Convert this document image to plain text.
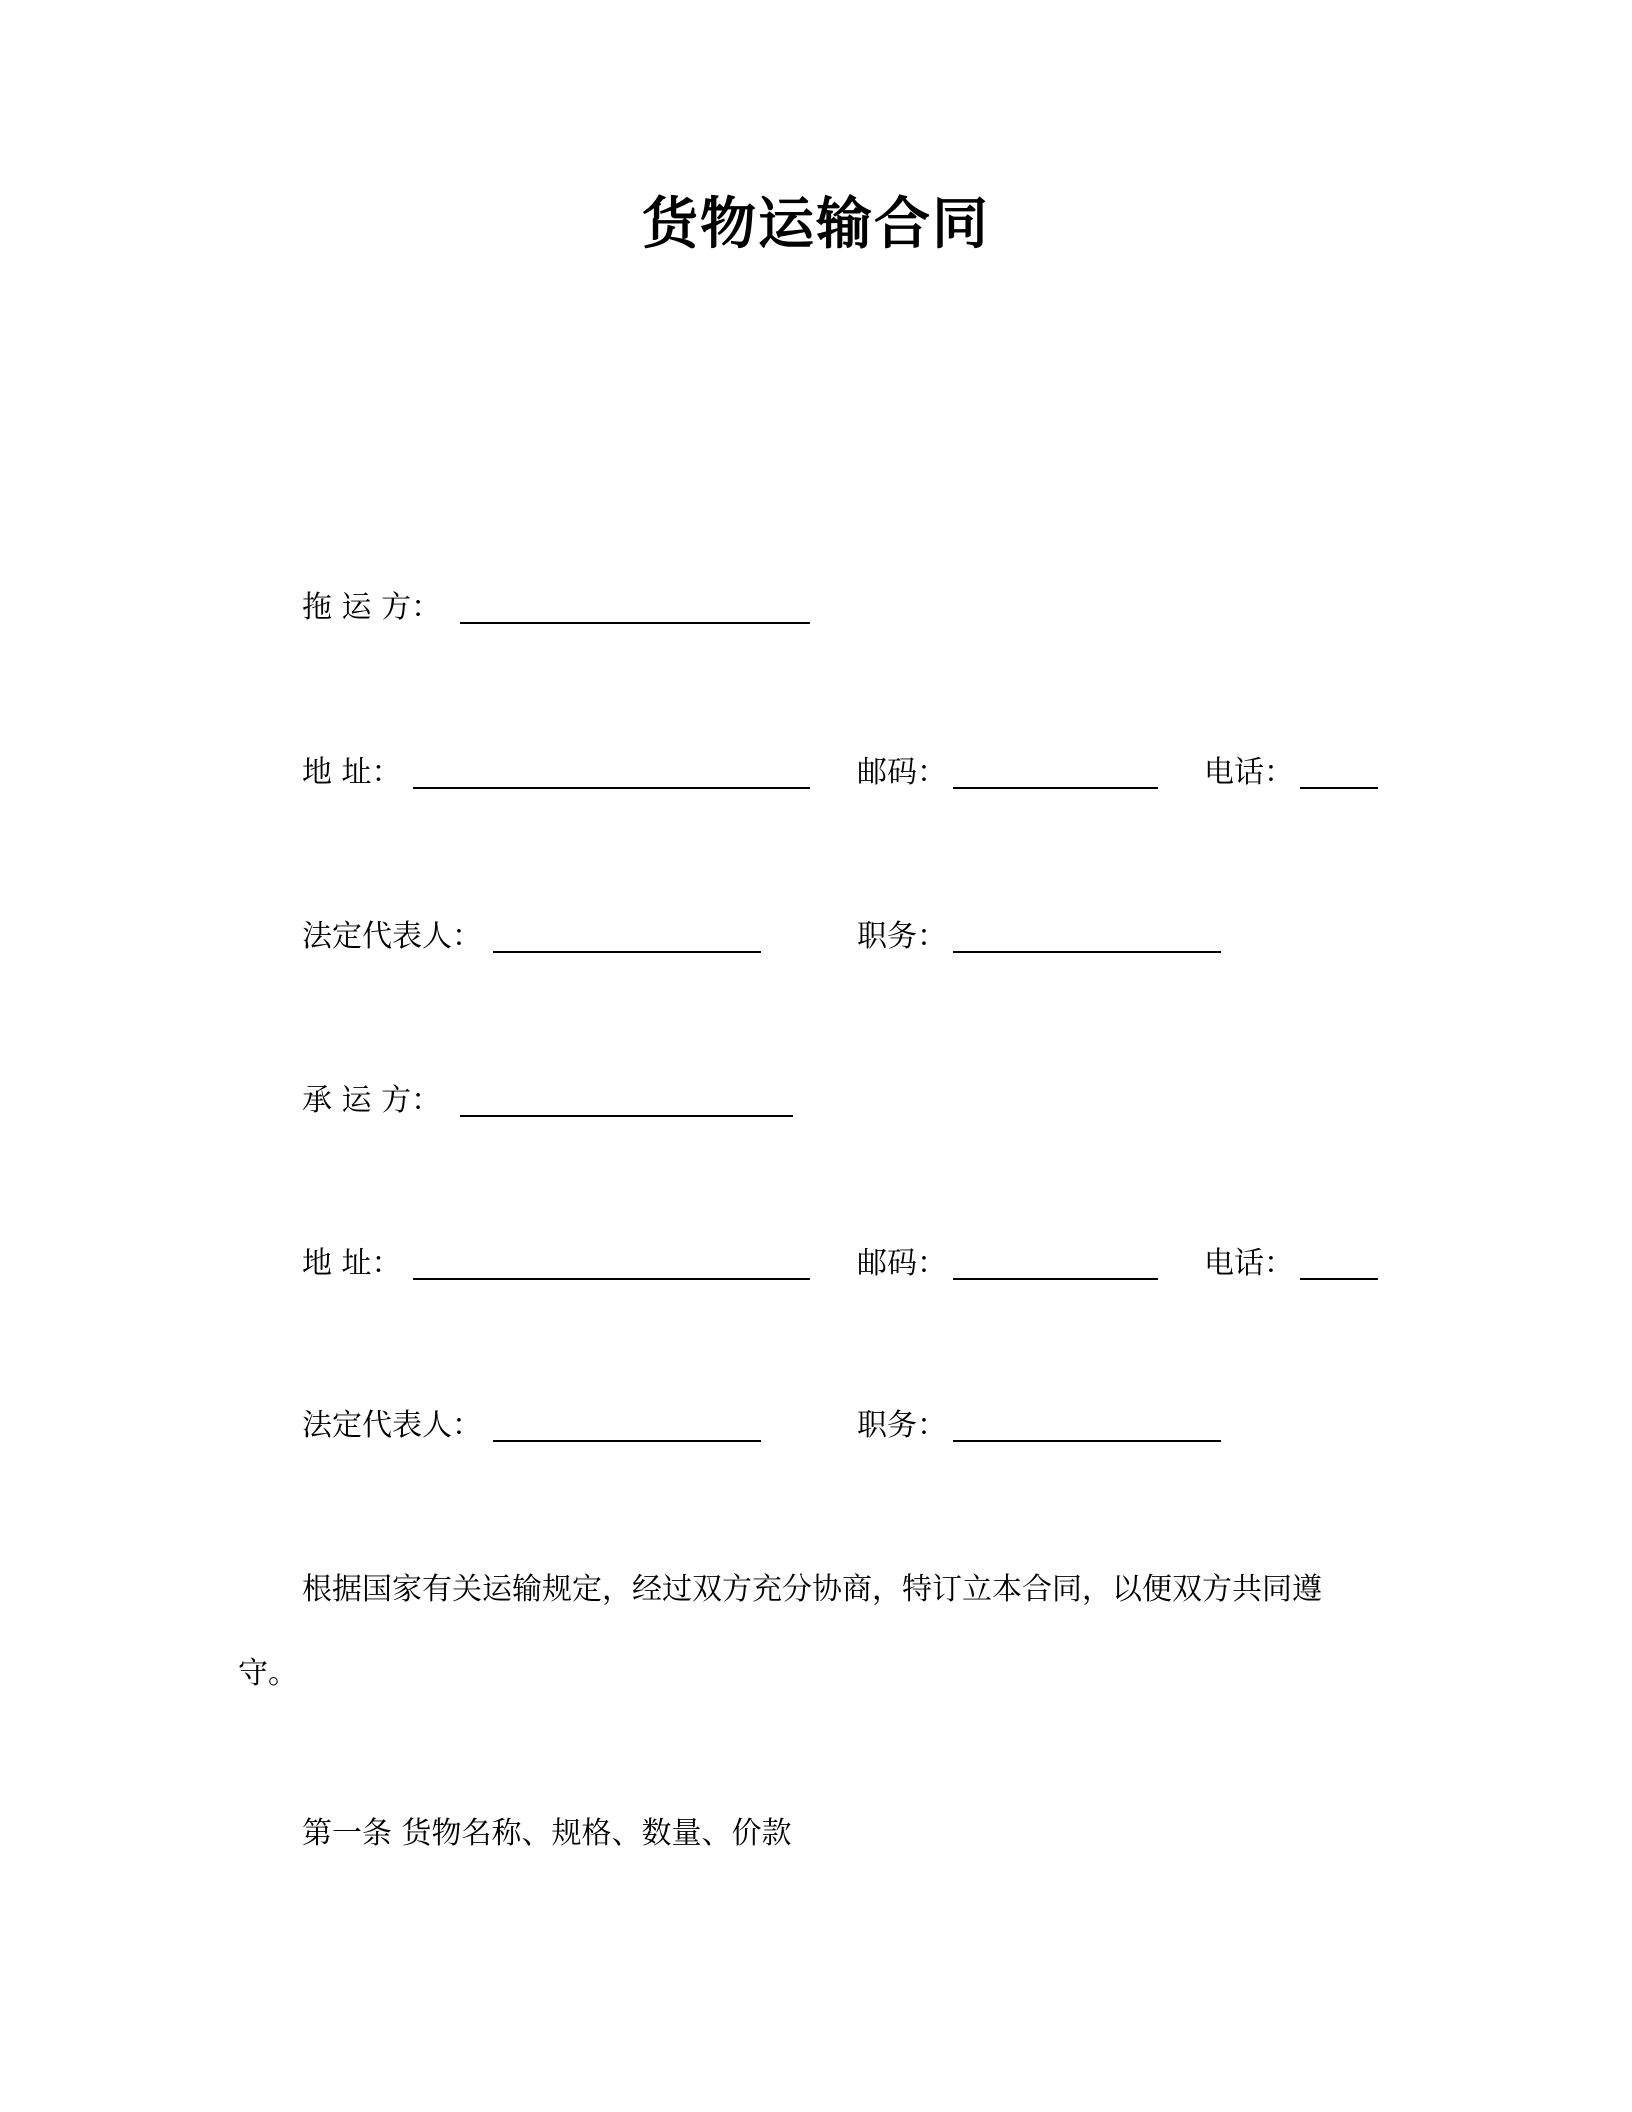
货物运输合同
拖 运 方：
地 址：	邮码：	电话：
法定代表人：	职务：
承 运 方：
地 址：	邮码：	电话：
法定代表人：	职务：
根据国家有关运输规定，经过双方充分协商，特订立本合同，以便双方共同遵
守。
第一条 货物名称、规格、数量、价款
